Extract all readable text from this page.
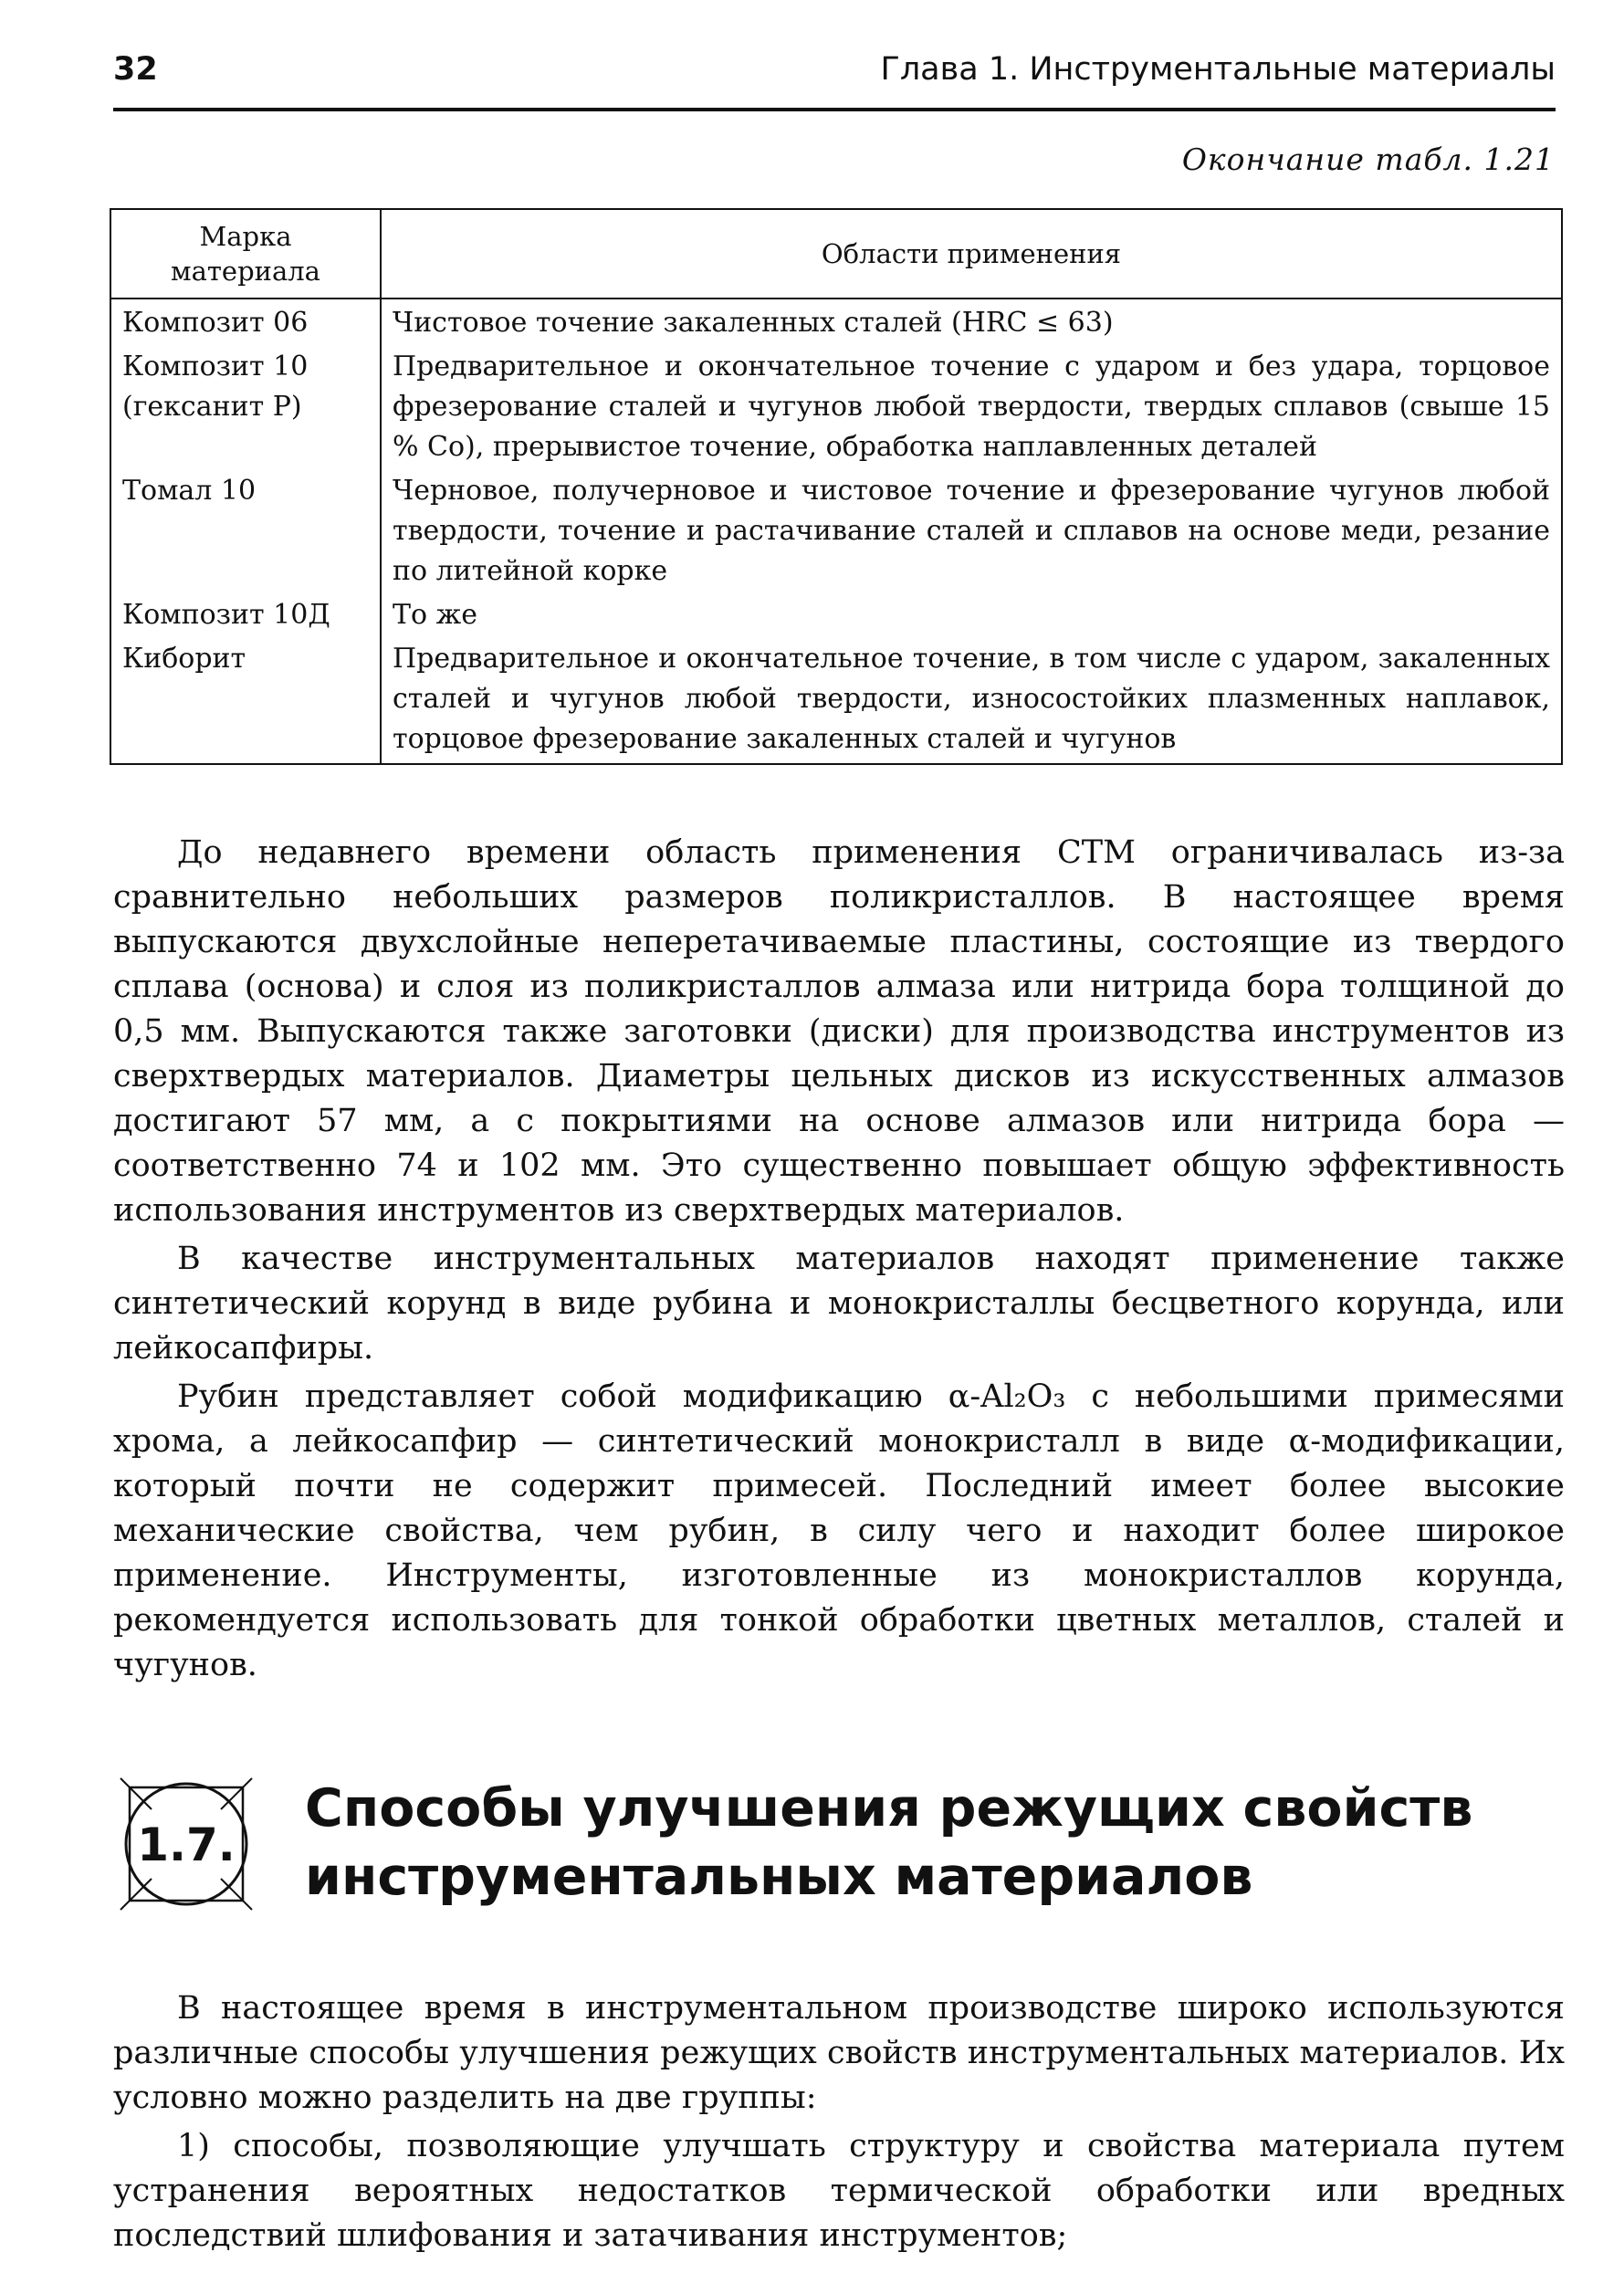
32	Глава 1. Инструментальные материалы
Окончание табл. 1.21
Марка материала	Области применения
Композит 06	Чистовое точение закаленных сталей (HRC ≤ 63)

Композит 10 (гексанит Р)	Предварительное и окончательное точение с ударом и без удара, торцовое фрезерование сталей и чугунов любой твердости, твердых сплавов (свыше 15 % Co), прерывистое точение, обработка наплавленных деталей
Томал 10	Черновое, получерновое и чистовое точение и фрезерование чугунов любой твердости, точение и растачивание сталей и сплавов на основе меди, резание по литейной корке
Композит 10Д	То же
Киборит	Предварительное и окончательное точение, в том числе с ударом, закаленных сталей и чугунов любой твердости, износостойких плазменных наплавок, торцовое фрезерование закаленных сталей и чугунов

До недавнего времени область применения СТМ ограничивалась из-за сравнительно небольших размеров поликристаллов. В настоящее время выпускаются двухслойные неперетачиваемые пластины, состоящие из твердого сплава (основа) и слоя из поликристаллов алмаза или нитрида бора толщиной до 0,5 мм. Выпускаются также заготовки (диски) для производства инструментов из сверхтвердых материалов. Диаметры цельных дисков из искусственных алмазов достигают 57 мм, а с покрытиями на основе алмазов или нитрида бора — соответственно 74 и 102 мм. Это существенно повышает общую эффективность использования инструментов из сверхтвердых материалов.

В качестве инструментальных материалов находят применение также синтетический корунд в виде рубина и монокристаллы бесцветного корунда, или лейкосапфиры.

Рубин представляет собой модификацию α-Al₂O₃ с небольшими примесями хрома, а лейкосапфир — синтетический монокристалл в виде α-модификации, который почти не содержит примесей. Последний имеет более высокие механические свойства, чем рубин, в силу чего и находит более широкое применение. Инструменты, изготовленные из монокристаллов корунда, рекомендуется использовать для тонкой обработки цветных металлов, сталей и чугунов.

1.7.
Способы улучшения режущих свойств
инструментальных материалов

В настоящее время в инструментальном производстве широко используются различные способы улучшения режущих свойств инструментальных материалов. Их условно можно разделить на две группы:

1) способы, позволяющие улучшать структуру и свойства материала путем устранения вероятных недостатков термической обработки или вредных последствий шлифования и затачивания инструментов;
